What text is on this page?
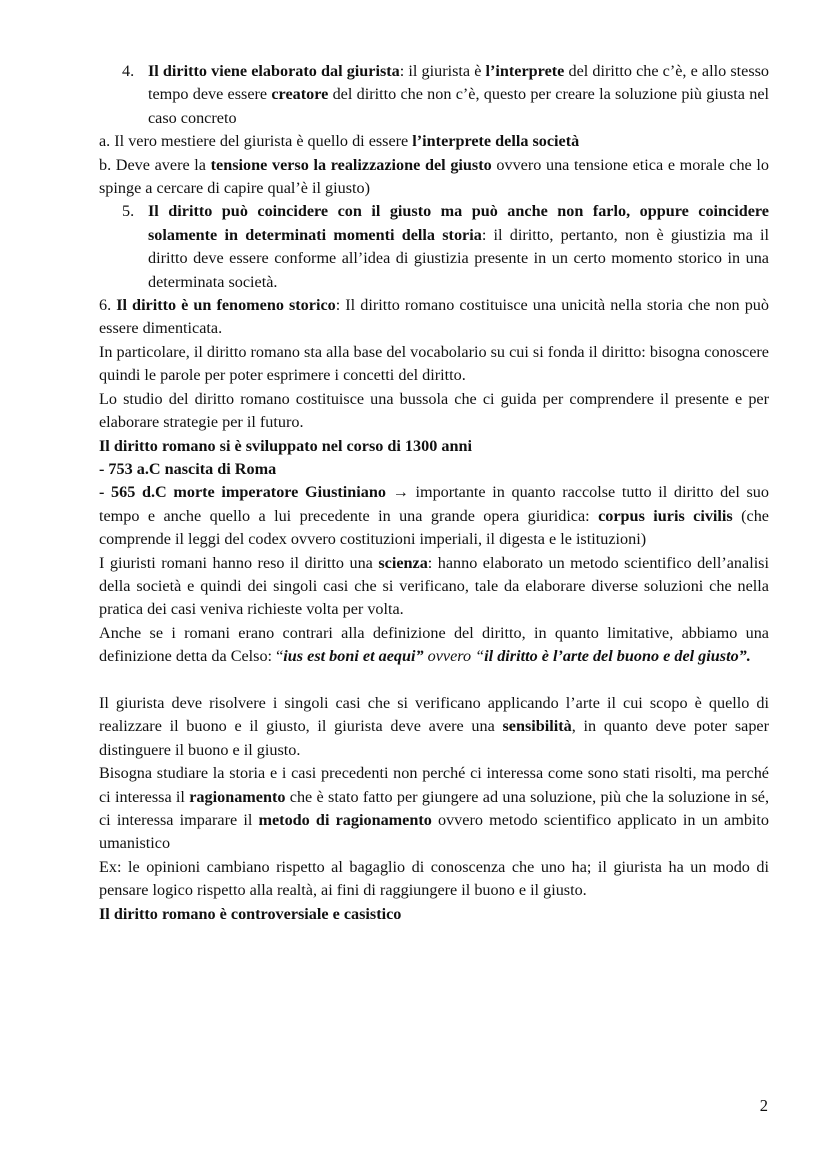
4. Il diritto viene elaborato dal giurista: il giurista è l’interprete del diritto che c’è, e allo stesso tempo deve essere creatore del diritto che non c’è, questo per creare la soluzione più giusta nel caso concreto

a. Il vero mestiere del giurista è quello di essere l’interprete della società

b. Deve avere la tensione verso la realizzazione del giusto ovvero una tensione etica e morale che lo spinge a cercare di capire qual’è il giusto)

5. Il diritto può coincidere con il giusto ma può anche non farlo, oppure coincidere solamente in determinati momenti della storia: il diritto, pertanto, non è giustizia ma il diritto deve essere conforme all’idea di giustizia presente in un certo momento storico in una determinata società.

6. Il diritto è un fenomeno storico: Il diritto romano costituisce una unicità nella storia che non può essere dimenticata.

In particolare, il diritto romano sta alla base del vocabolario su cui si fonda il diritto: bisogna conoscere quindi le parole per poter esprimere i concetti del diritto.

Lo studio del diritto romano costituisce una bussola che ci guida per comprendere il presente e per elaborare strategie per il futuro.

Il diritto romano si è sviluppato nel corso di 1300 anni

- 753 a.C nascita di Roma

- 565 d.C morte imperatore Giustiniano → importante in quanto raccolse tutto il diritto del suo tempo e anche quello a lui precedente in una grande opera giuridica: corpus iuris civilis (che comprende il leggi del codex ovvero costituzioni imperiali, il digesta e le istituzioni)

I giuristi romani hanno reso il diritto una scienza: hanno elaborato un metodo scientifico dell’analisi della società e quindi dei singoli casi che si verificano, tale da elaborare diverse soluzioni che nella pratica dei casi veniva richieste volta per volta.

Anche se i romani erano contrari alla definizione del diritto, in quanto limitative, abbiamo una definizione detta da Celso: “ius est boni et aequi” ovvero “il diritto è l’arte del buono e del giusto”.

Il giurista deve risolvere i singoli casi che si verificano applicando l’arte il cui scopo è quello di realizzare il buono e il giusto, il giurista deve avere una sensibilità, in quanto deve poter saper distinguere il buono e il giusto.

Bisogna studiare la storia e i casi precedenti non perché ci interessa come sono stati risolti, ma perché ci interessa il ragionamento che è stato fatto per giungere ad una soluzione, più che la soluzione in sé, ci interessa imparare il metodo di ragionamento ovvero metodo scientifico applicato in un ambito umanistico

Ex: le opinioni cambiano rispetto al bagaglio di conoscenza che uno ha; il giurista ha un modo di pensare logico rispetto alla realtà, ai fini di raggiungere il buono e il giusto.

Il diritto romano è controversiale e casistico

2
